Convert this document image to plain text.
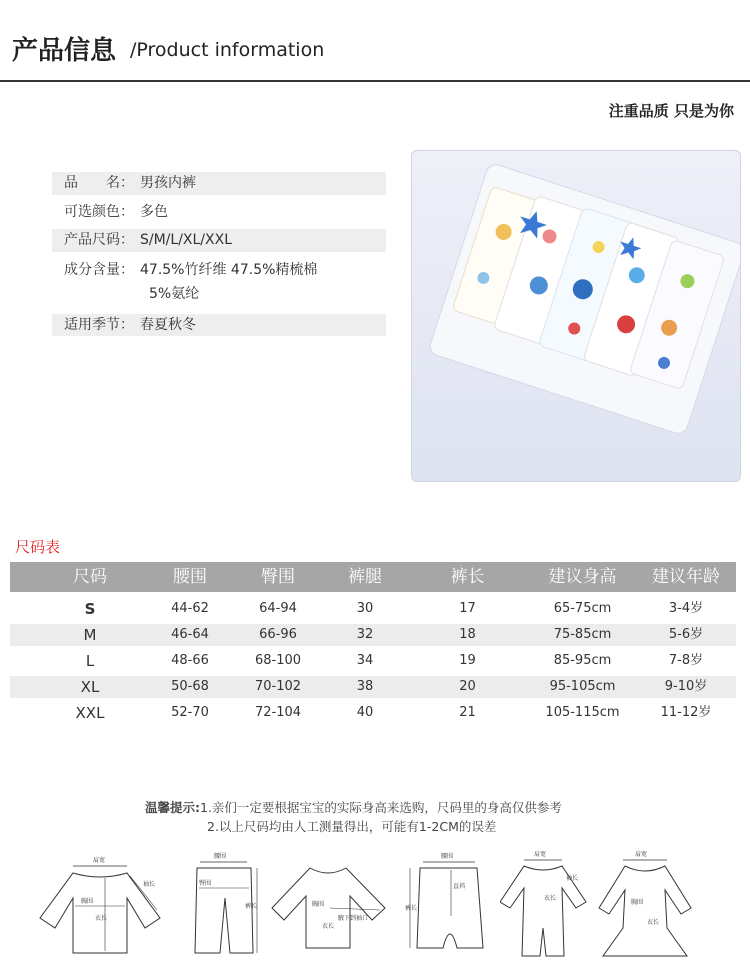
产品信息 /Product information
注重品质 只是为你
品　　名： 男孩内裤
可选颜色： 多色
产品尺码： S/M/L/XL/XXL
成分含量： 47.5%竹纤维 47.5%精梳棉
5%氨纶
适用季节： 春夏秋冬
尺码表
尺码	腰围	臀围	裤腿	裤长	建议身高	建议年龄
S	44-62	64-94	30	17	65-75cm	3-4岁
M	46-64	66-96	32	18	75-85cm	5-6岁
L	48-66	68-100	34	19	85-95cm	7-8岁
XL	50-68	70-102	38	20	95-105cm	9-10岁
XXL	52-70	72-104	40	21	105-115cm	11-12岁
温馨提示:1.亲们一定要根据宝宝的实际身高来选购，尺码里的身高仅供参考
2.以上尺码均由人工测量得出，可能有1-2CM的误差
肩宽
袖长
胸围
衣长
腰围
臀围
裤长	胸围
衣长
腋下到袖口
腰围
裤长
直裆
肩宽
衣长
袖长
肩宽
胸围
衣长
